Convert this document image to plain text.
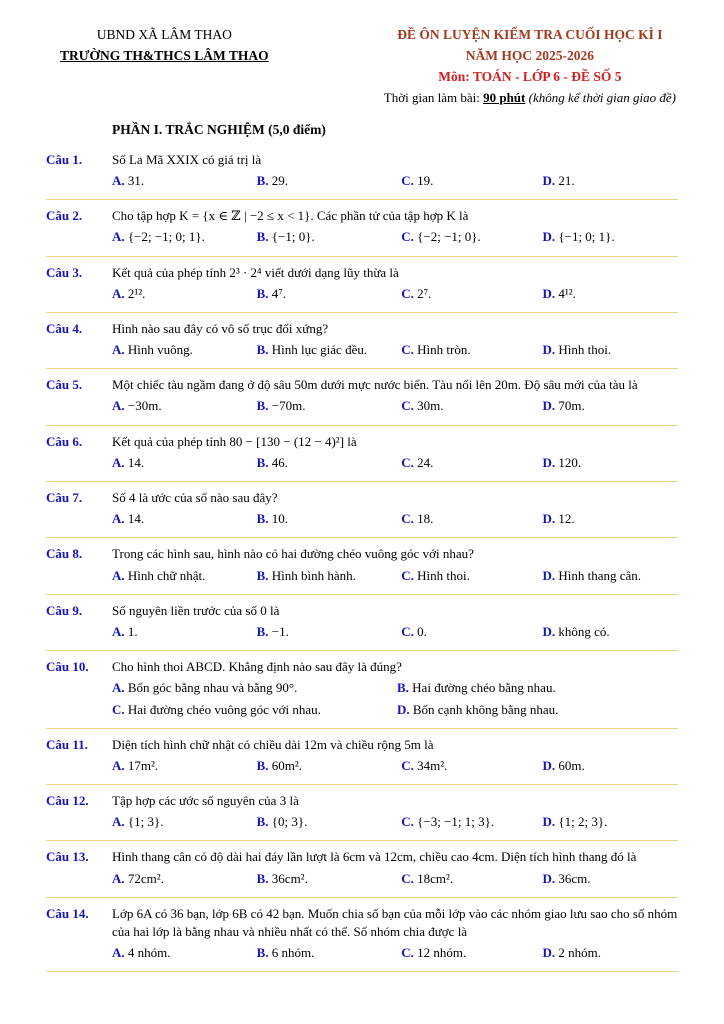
UBND XÃ LÂM THAO
TRƯỜNG TH&THCS LÂM THAO
ĐỀ ÔN LUYỆN KIỂM TRA CUỐI HỌC KÌ I
NĂM HỌC 2025-2026
Môn: TOÁN - LỚP 6 - ĐỀ SỐ 5
Thời gian làm bài: 90 phút (không kể thời gian giao đề)
PHẦN I. TRẮC NGHIỆM (5,0 điểm)
Câu 1.	Số La Mã XXIX có giá trị là
A. 31.	B. 29.	C. 19.	D. 21.
Câu 2.	Cho tập hợp K = {x ∈ ℤ | −2 ≤ x < 1}. Các phần tử của tập hợp K là
A. {−2; −1; 0; 1}.	B. {−1; 0}.	C. {−2; −1; 0}.	D. {−1; 0; 1}.
Câu 3.	Kết quả của phép tính 2³ · 2⁴ viết dưới dạng lũy thừa là
A. 2¹².	B. 4⁷.	C. 2⁷.	D. 4¹².
Câu 4.	Hình nào sau đây có vô số trục đối xứng?
A. Hình vuông.	B. Hình lục giác đều.	C. Hình tròn.	D. Hình thoi.
Câu 5.	Một chiếc tàu ngầm đang ở độ sâu 50m dưới mực nước biển. Tàu nổi lên 20m. Độ sâu mới của tàu là
A. −30m.	B. −70m.	C. 30m.	D. 70m.
Câu 6.	Kết quả của phép tính 80 − [130 − (12 − 4)²] là
A. 14.	B. 46.	C. 24.	D. 120.
Câu 7.	Số 4 là ước của số nào sau đây?
A. 14.	B. 10.	C. 18.	D. 12.
Câu 8.	Trong các hình sau, hình nào có hai đường chéo vuông góc với nhau?
A. Hình chữ nhật.	B. Hình bình hành.	C. Hình thoi.	D. Hình thang cân.
Câu 9.	Số nguyên liền trước của số 0 là
A. 1.	B. −1.	C. 0.	D. không có.
Câu 10.	Cho hình thoi ABCD. Khẳng định nào sau đây là đúng?
A. Bốn góc bằng nhau và bằng 90°.	B. Hai đường chéo bằng nhau.
C. Hai đường chéo vuông góc với nhau.	D. Bốn cạnh không bằng nhau.
Câu 11.	Diện tích hình chữ nhật có chiều dài 12m và chiều rộng 5m là
A. 17m².	B. 60m².	C. 34m².	D. 60m.
Câu 12.	Tập hợp các ước số nguyên của 3 là
A. {1; 3}.	B. {0; 3}.	C. {−3; −1; 1; 3}.	D. {1; 2; 3}.
Câu 13.	Hình thang cân có độ dài hai đáy lần lượt là 6cm và 12cm, chiều cao 4cm. Diện tích hình thang đó là
A. 72cm².	B. 36cm².	C. 18cm².	D. 36cm.
Câu 14.	Lớp 6A có 36 bạn, lớp 6B có 42 bạn. Muốn chia số bạn của mỗi lớp vào các nhóm giao lưu sao cho số nhóm của hai lớp là bằng nhau và nhiều nhất có thể. Số nhóm chia được là
A. 4 nhóm.	B. 6 nhóm.	C. 12 nhóm.	D. 2 nhóm.
